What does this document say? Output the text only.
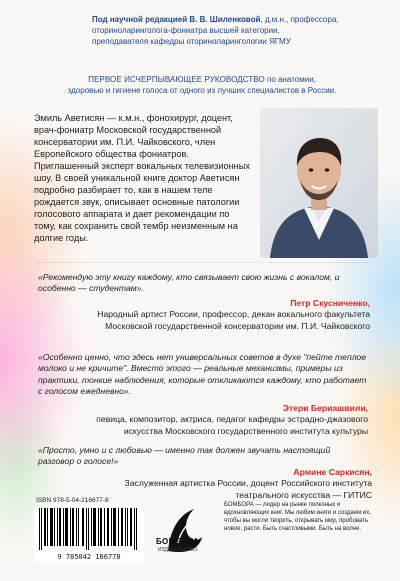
Под научной редакцией В. В. Шиленковой, д.м.н., профессора,
оториноларинголога-фониатра высшей категории,
преподавателя кафедры оториноларингологии ЯГМУ
ПЕРВОЕ ИСЧЕРПЫВАЮЩЕЕ РУКОВОДСТВО по анатомии,
здоровью и гигиене голоса от одного из лучших специалистов в России.
Эмиль Аветисян — к.м.н., фонохирург, доцент, врач-фониатр Московской государственной консерватории им. П.И. Чайковского, член Европейского общества фониатров. Приглашенный эксперт вокальных телевизионных шоу. В своей уникальной книге доктор Аветисян подробно разбирает то, как в нашем теле рождается звук, описывает основные патологии голосового аппарата и дает рекомендации по тому, как сохранить свой тембр неизменным на долгие годы.
«Рекомендую эту книгу каждому, кто связывает свою жизнь с вокалом, и особенно — студентам».
Петр Скусниченко,
Народный артист России, профессор, декан вокального факультета Московской государственной консерватории им. П.И. Чайковского
«Особенно ценно, что здесь нет универсальных советов в духе "пейте теплое молоко и не кричите". Вместо этого — реальные механизмы, примеры из практики, тонкие наблюдения, которые откликаются каждому, кто работает с голосом ежедневно».
Этери Бериашвили,
певица, композитор, актриса, педагог кафедры эстрадно-джазового искусства Московского государственного института культуры
«Просто, умно и с любовью — именно так должен звучать настоящий разговор о голосе!»
Армине Саркисян,
Заслуженная артистка России, доцент Российского института театрального искусства — ГИТИС
ISBN 978-5-04-216677-8
9 785042 166778
БОМБОРА
ИЗДАТЕЛЬСТВО
БОМБОРА — лидер на рынке полезных и вдохновляющих книг. Мы любим книги и создаем их, чтобы вы могли творить, открывать мир, пробовать новое, расти. Быть счастливыми. Быть на волне.
